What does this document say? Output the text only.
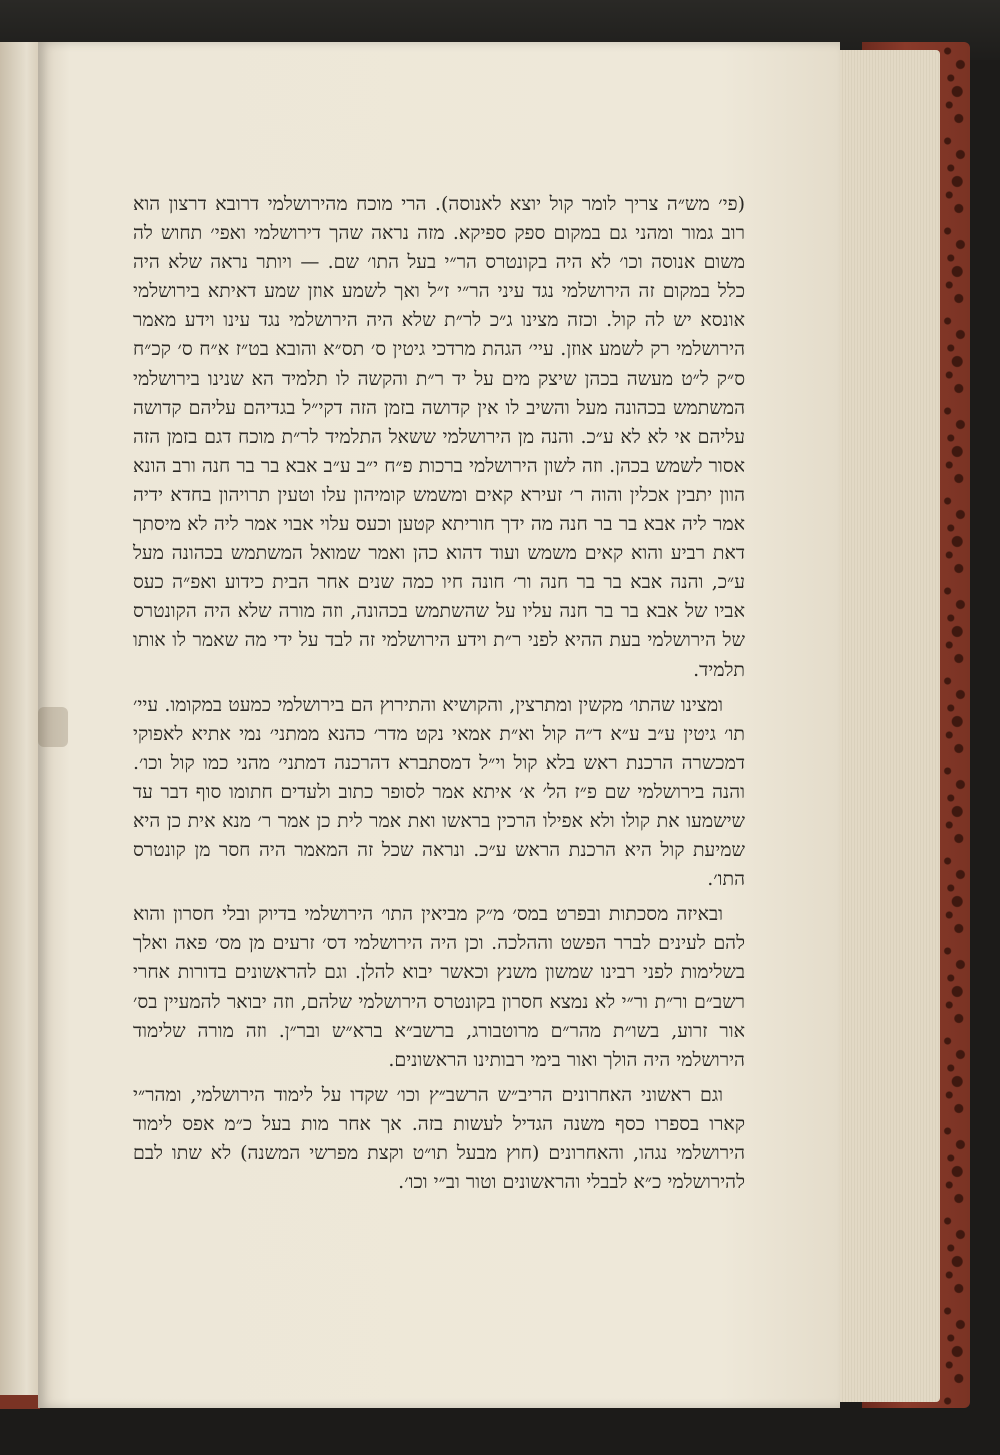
(פי׳ מש״ה צריך לומר קול יוצא לאנוסה). הרי מוכח מהירושלמי דרובא דרצון הוא רוב גמור ומהני גם במקום ספק ספיקא. מזה נראה שהך דירושלמי ואפי׳ תחוש לה משום אנוסה וכו׳ לא היה בקונטרס הר״י בעל התו׳ שם. — ויותר נראה שלא היה כלל במקום זה הירושלמי נגד עיני הר״י ז״ל ואך לשמע אוזן שמע דאיתא בירושלמי אונסא יש לה קול. וכזה מצינו ג״כ לר״ת שלא היה הירושלמי נגד עינו וידע מאמר הירושלמי רק לשמע אוזן. עיי׳ הגהת מרדכי גיטין ס׳ תס״א והובא בט״ז א״ח ס׳ קכ״ח ס״ק ל״ט מעשה בכהן שיצק מים על יד ר״ת והקשה לו תלמיד הא שנינו בירושלמי המשתמש בכהונה מעל והשיב לו אין קדושה בזמן הזה דקי״ל בגדיהם עליהם קדושה עליהם אי לא לא ע״כ. והנה מן הירושלמי ששאל התלמיד לר״ת מוכח דגם בזמן הזה אסור לשמש בכהן. וזה לשון הירושלמי ברכות פ״ח י״ב ע״ב אבא בר בר חנה ורב הונא הוון יתבין אכלין והוה ר׳ זעירא קאים ומשמש קומיהון עלו וטעין תרויהון בחדא ידיה אמר ליה אבא בר בר חנה מה ידך חוריתא קטען וכעס עלוי אבוי אמר ליה לא מיסתך דאת רביע והוא קאים משמש ועוד דהוא כהן ואמר שמואל המשתמש בכהונה מעל ע״כ, והנה אבא בר בר חנה ור׳ חונה חיו כמה שנים אחר הבית כידוע ואפ״ה כעס אביו של אבא בר בר חנה עליו על שהשתמש בכהונה, וזה מורה שלא היה הקונטרס של הירושלמי בעת ההיא לפני ר״ת וידע הירושלמי זה לבד על ידי מה שאמר לו אותו תלמיד.

ומצינו שהתו׳ מקשין ומתרצין, והקושיא והתירוץ הם בירושלמי כמעט במקומו. עיי׳ תו׳ גיטין ע״ב ע״א ד״ה קול וא״ת אמאי נקט מדר׳ כהנא ממתני׳ נמי אתיא לאפוקי דמכשרה הרכנת ראש בלא קול וי״ל דמסתברא דהרכנה דמתני׳ מהני כמו קול וכו׳. והנה בירושלמי שם פ״ז הל׳ א׳ איתא אמר לסופר כתוב ולעדים חתומו סוף דבר עד שישמעו את קולו ולא אפילו הרכין בראשו ואת אמר לית כן אמר ר׳ מנא אית כן היא שמיעת קול היא הרכנת הראש ע״כ. ונראה שכל זה המאמר היה חסר מן קונטרס התו׳.

ובאיזה מסכתות ובפרט במס׳ מ״ק מביאין התו׳ הירושלמי בדיוק ובלי חסרון והוא להם לעינים לברר הפשט וההלכה. וכן היה הירושלמי דס׳ זרעים מן מס׳ פאה ואלך בשלימות לפני רבינו שמשון משנץ וכאשר יבוא להלן. וגם להראשונים בדורות אחרי רשב״ם ור״ת ור״י לא נמצא חסרון בקונטרס הירושלמי שלהם, וזה יבואר להמעיין בס׳ אור זרוע, בשו״ת מהר״ם מרוטבורג, ברשב״א ברא״ש ובר״ן. וזה מורה שלימוד הירושלמי היה הולך ואור בימי רבותינו הראשונים.

וגם ראשוני האחרונים הריב״ש הרשב״ץ וכו׳ שקדו על לימוד הירושלמי, ומהר״י קארו בספרו כסף משנה הגדיל לעשות בזה. אך אחר מות בעל כ״מ אפס לימוד הירושלמי נגהו, והאחרונים (חוץ מבעל תו״ט וקצת מפרשי המשנה) לא שתו לבם להירושלמי כ״א לבבלי והראשונים וטור וב״י וכו׳.
